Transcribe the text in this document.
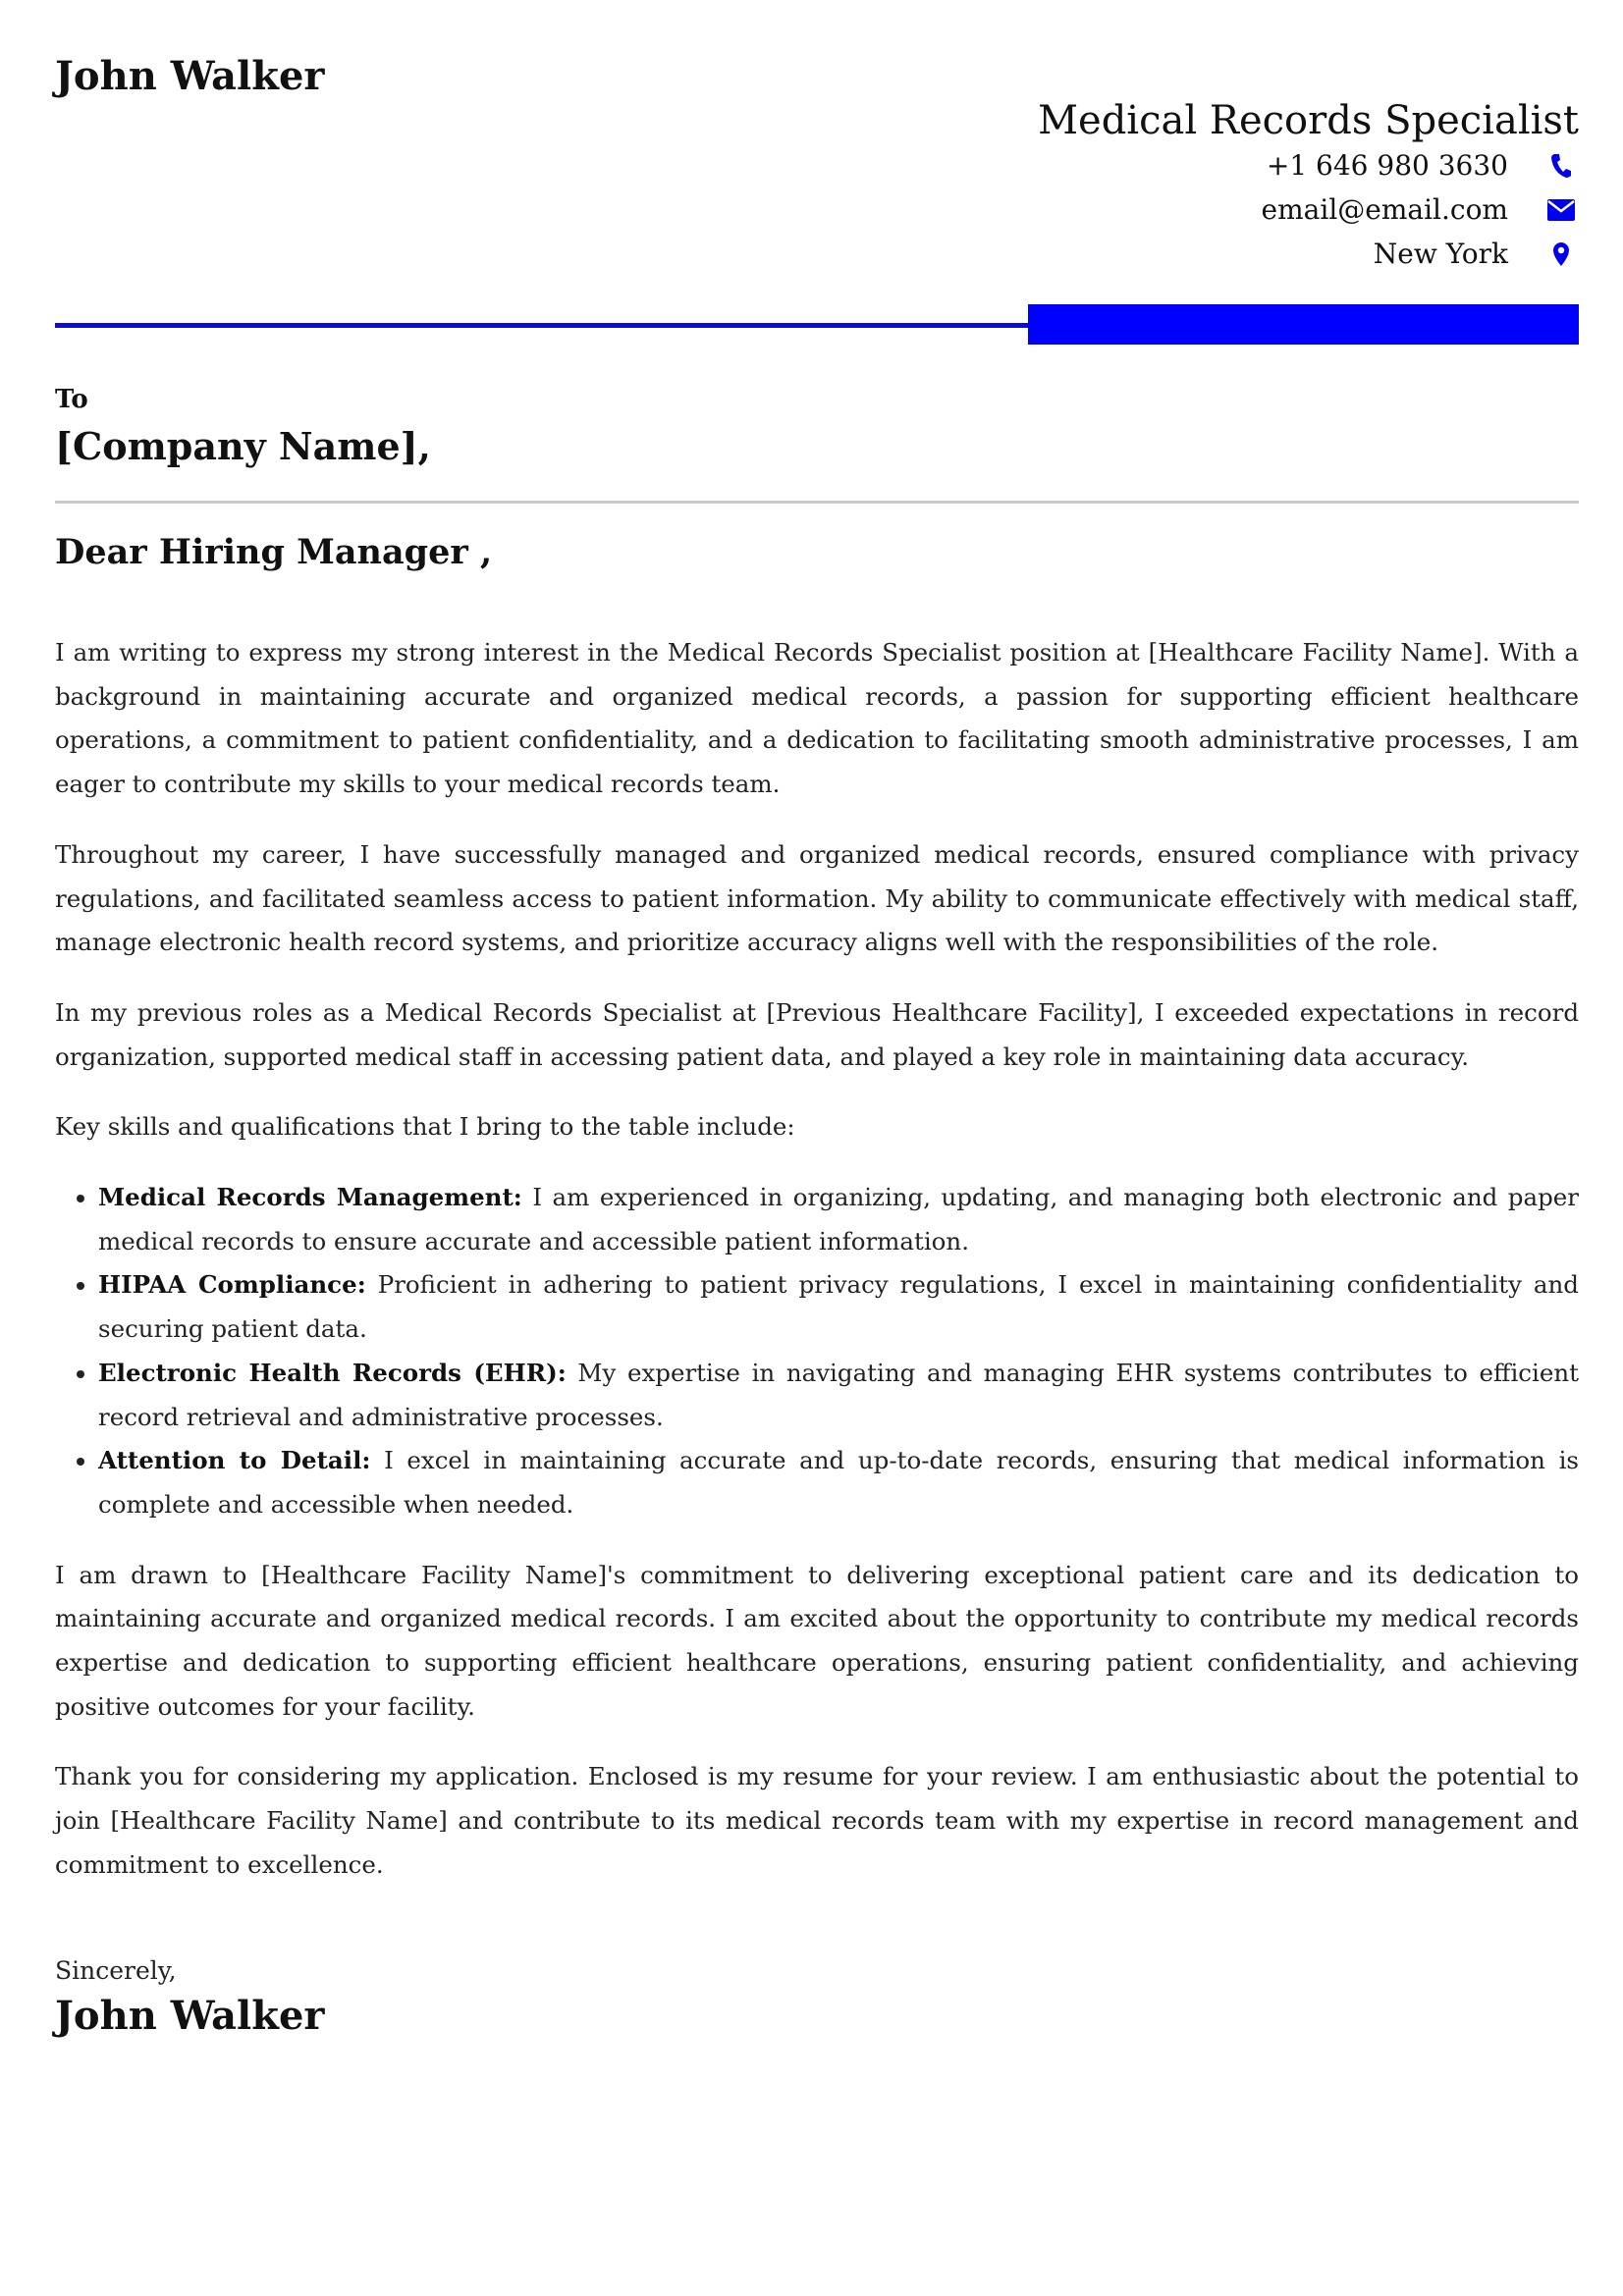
John Walker
Medical Records Specialist
+1 646 980 3630
email@email.com
New York
To
[Company Name],
Dear Hiring Manager ,

I am writing to express my strong interest in the Medical Records Specialist position at [Healthcare Facility Name]. With a background in maintaining accurate and organized medical records, a passion for supporting efficient healthcare operations, a commitment to patient confidentiality, and a dedication to facilitating smooth administrative processes, I am eager to contribute my skills to your medical records team.

Throughout my career, I have successfully managed and organized medical records, ensured compliance with privacy regulations, and facilitated seamless access to patient information. My ability to communicate effectively with medical staff, manage electronic health record systems, and prioritize accuracy aligns well with the responsibilities of the role.

In my previous roles as a Medical Records Specialist at [Previous Healthcare Facility], I exceeded expectations in record organization, supported medical staff in accessing patient data, and played a key role in maintaining data accuracy.

Key skills and qualifications that I bring to the table include:

• Medical Records Management: I am experienced in organizing, updating, and managing both electronic and paper medical records to ensure accurate and accessible patient information.
• HIPAA Compliance: Proficient in adhering to patient privacy regulations, I excel in maintaining confidentiality and securing patient data.
• Electronic Health Records (EHR): My expertise in navigating and managing EHR systems contributes to efficient record retrieval and administrative processes.
• Attention to Detail: I excel in maintaining accurate and up-to-date records, ensuring that medical information is complete and accessible when needed.

I am drawn to [Healthcare Facility Name]'s commitment to delivering exceptional patient care and its dedication to maintaining accurate and organized medical records. I am excited about the opportunity to contribute my medical records expertise and dedication to supporting efficient healthcare operations, ensuring patient confidentiality, and achieving positive outcomes for your facility.

Thank you for considering my application. Enclosed is my resume for your review. I am enthusiastic about the potential to join [Healthcare Facility Name] and contribute to its medical records team with my expertise in record management and commitment to excellence.

Sincerely,
John Walker
